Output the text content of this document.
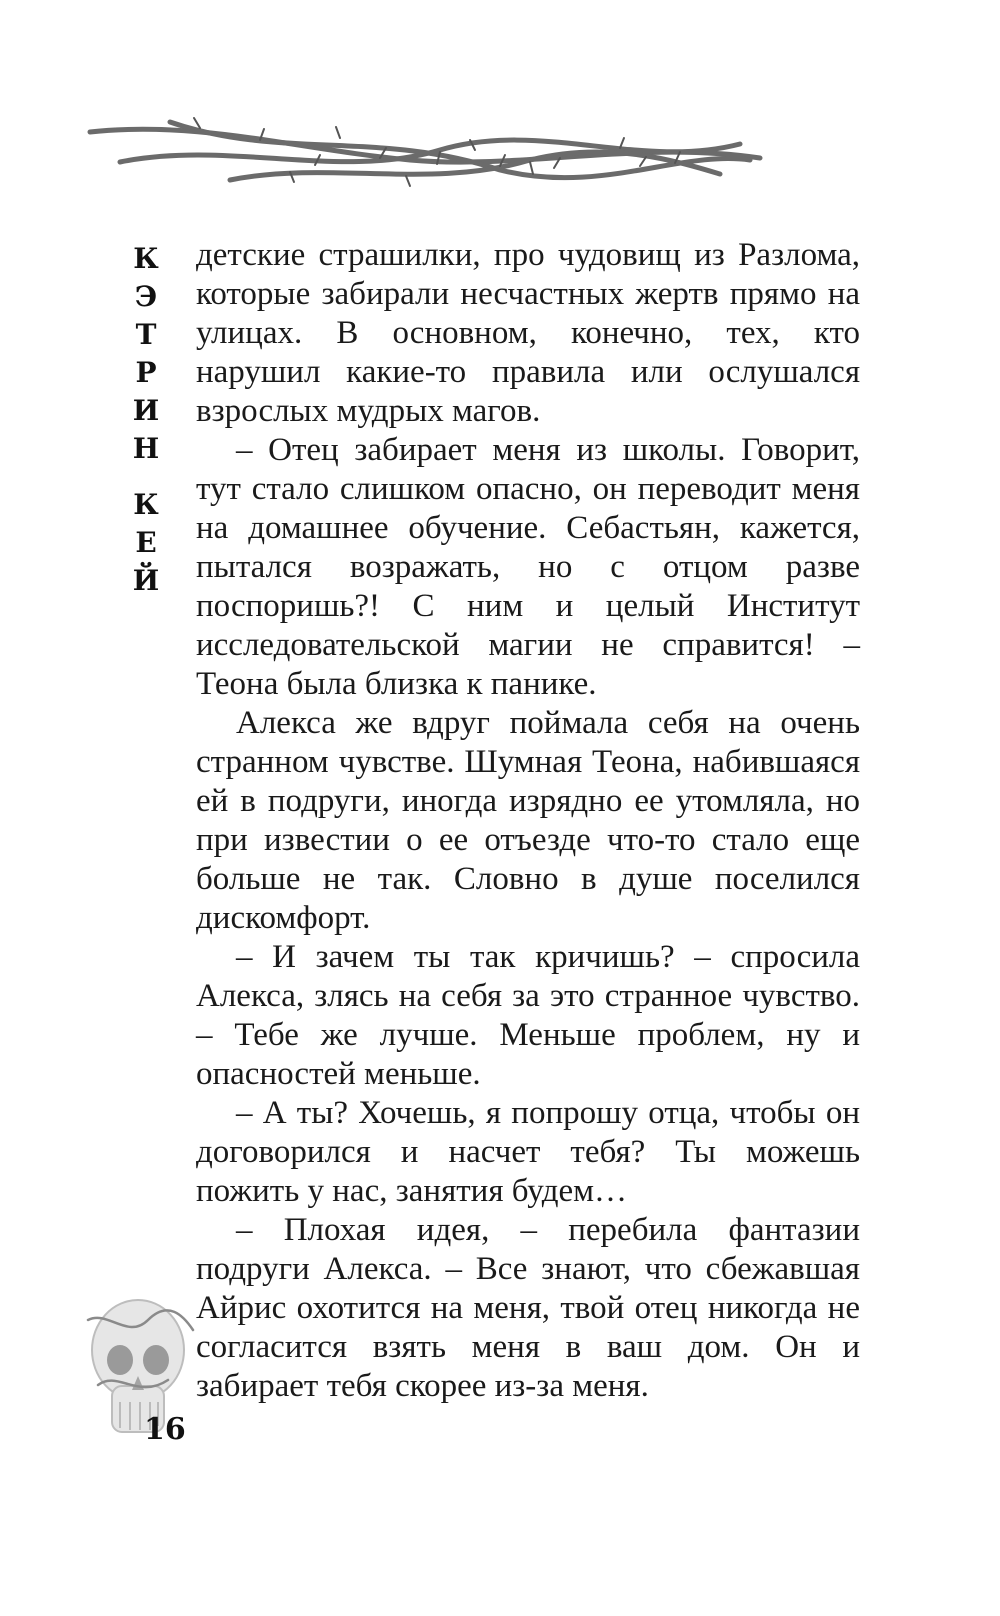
К
Э
Т
Р
И
Н
К
Е
Й

детские страшилки, про чудовищ из Разлома, которые забирали несчастных жертв прямо на улицах. В основном, конечно, тех, кто нарушил какие-то правила или ослушался взрослых мудрых магов.

– Отец забирает меня из школы. Говорит, тут стало слишком опасно, он переводит меня на домашнее обучение. Себастьян, кажется, пытался возражать, но с отцом разве поспоришь?! С ним и целый Институт исследовательской магии не справится! – Теона была близка к панике.

Алекса же вдруг поймала себя на очень странном чувстве. Шумная Теона, набившаяся ей в подруги, иногда изрядно ее утомляла, но при известии о ее отъезде что-то стало еще больше не так. Словно в душе поселился дискомфорт.

– И зачем ты так кричишь? – спросила Алекса, злясь на себя за это странное чувство. – Тебе же лучше. Меньше проблем, ну и опасностей меньше.

– А ты? Хочешь, я попрошу отца, чтобы он договорился и насчет тебя? Ты можешь пожить у нас, занятия будем…

– Плохая идея, – перебила фантазии подруги Алекса. – Все знают, что сбежавшая Айрис охотится на меня, твой отец никогда не согласится взять меня в ваш дом. Он и забирает тебя скорее из-за меня.

16
